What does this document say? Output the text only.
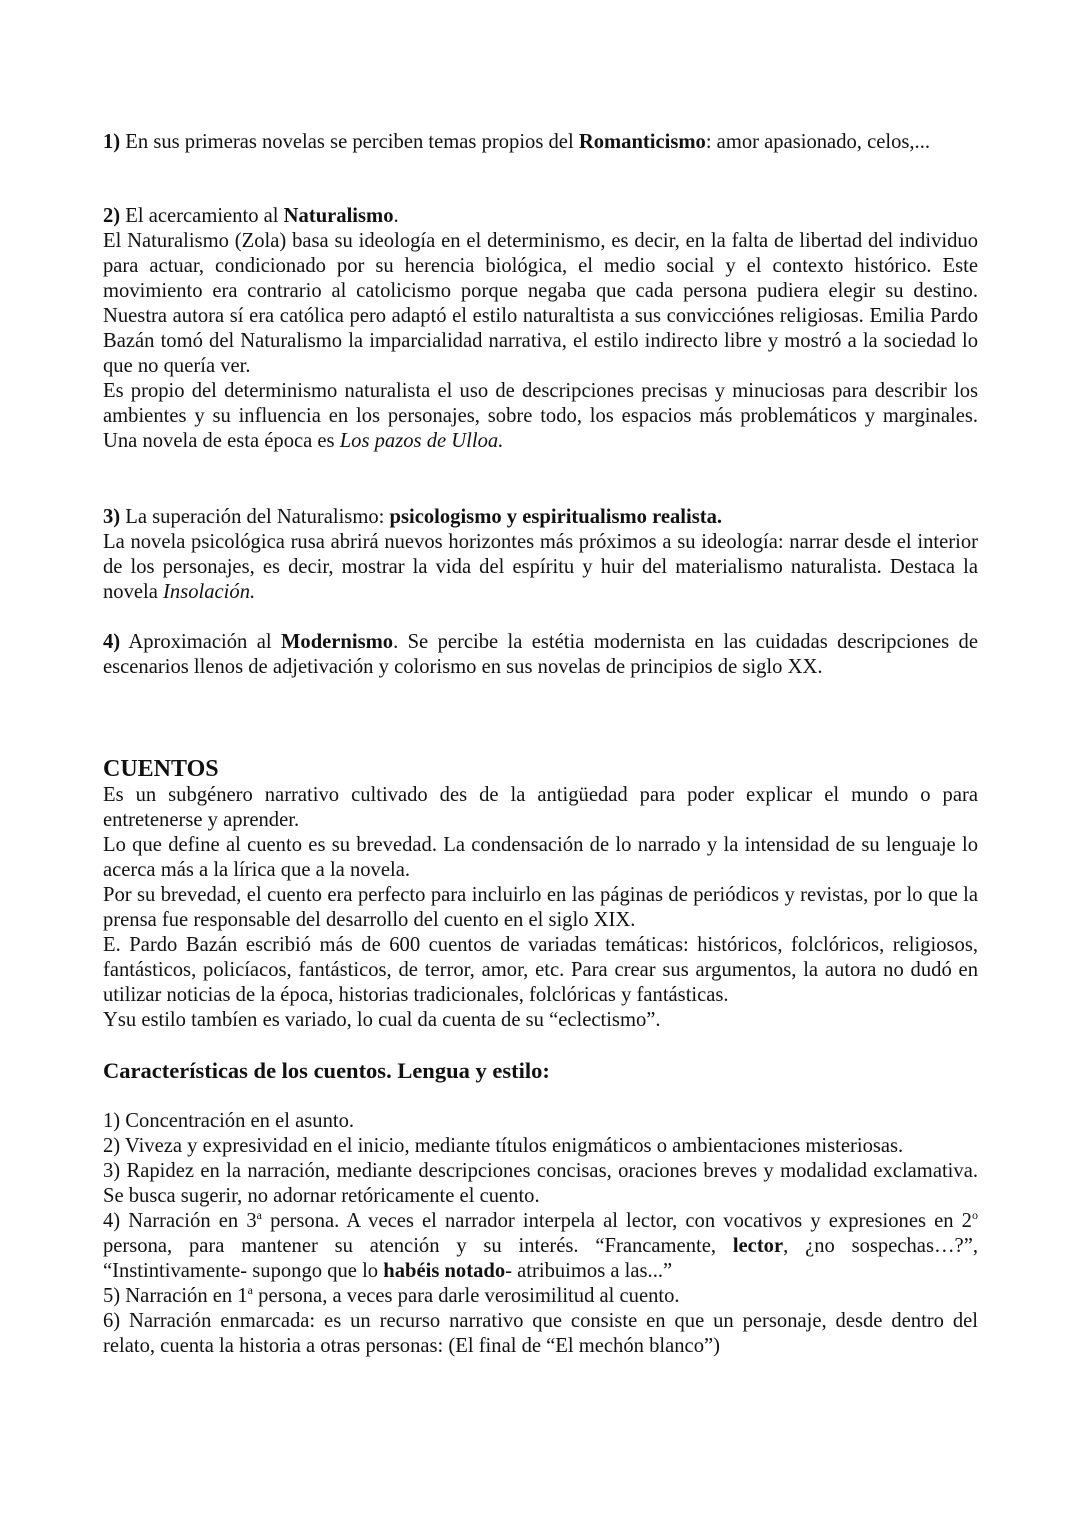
1) En sus primeras novelas se perciben temas propios del Romanticismo: amor apasionado, celos,...

2) El acercamiento al Naturalismo.

El Naturalismo (Zola) basa su ideología en el determinismo, es decir, en la falta de libertad del individuo para actuar, condicionado por su herencia biológica, el medio social y el contexto histórico. Este movimiento era contrario al catolicismo porque negaba que cada persona pudiera elegir su destino. Nuestra autora sí era católica pero adaptó el estilo naturaltista a sus convicciónes religiosas. Emilia Pardo Bazán tomó del Naturalismo la imparcialidad narrativa, el estilo indirecto libre y mostró a la sociedad lo que no quería ver.

Es propio del determinismo naturalista el uso de descripciones precisas y minuciosas para describir los ambientes y su influencia en los personajes, sobre todo, los espacios más problemáticos y marginales. Una novela de esta época es Los pazos de Ulloa.

3) La superación del Naturalismo: psicologismo y espiritualismo realista.

La novela psicológica rusa abrirá nuevos horizontes más próximos a su ideología: narrar desde el interior de los personajes, es decir, mostrar la vida del espíritu y huir del materialismo naturalista. Destaca la novela Insolación.

4) Aproximación al Modernismo. Se percibe la estétia modernista en las cuidadas descripciones de escenarios llenos de adjetivación y colorismo en sus novelas de principios de siglo XX.

CUENTOS

Es un subgénero narrativo cultivado des de la antigüedad para poder explicar el mundo o para entretenerse y aprender.

Lo que define al cuento es su brevedad. La condensación de lo narrado y la intensidad de su lenguaje lo acerca más a la lírica que a la novela.

Por su brevedad, el cuento era perfecto para incluirlo en las páginas de periódicos y revistas, por lo que la prensa fue responsable del desarrollo del cuento en el siglo XIX.

E. Pardo Bazán escribió más de 600 cuentos de variadas temáticas: históricos, folclóricos, religiosos, fantásticos, policíacos, fantásticos, de terror, amor, etc. Para crear sus argumentos, la autora no dudó en utilizar noticias de la época, historias tradicionales, folclóricas y fantásticas.

Ysu estilo tambíen es variado, lo cual da cuenta de su “eclectismo”.

Características de los cuentos. Lengua y estilo:

1) Concentración en el asunto.

2) Viveza y expresividad en el inicio, mediante títulos enigmáticos o ambientaciones misteriosas.

3) Rapidez en la narración, mediante descripciones concisas, oraciones breves y modalidad exclamativa. Se busca sugerir, no adornar retóricamente el cuento.

4) Narración en 3$^a$ persona. A veces el narrador interpela al lector, con vocativos y expresiones en 2$^o$ persona, para mantener su atención y su interés. “Francamente, lector, ¿no sospechas…?”, “Instintivamente- supongo que lo habéis notado- atribuimos a las...”

5) Narración en 1$^a$ persona, a veces para darle verosimilitud al cuento.

6) Narración enmarcada: es un recurso narrativo que consiste en que un personaje, desde dentro del relato, cuenta la historia a otras personas: (El final de “El mechón blanco”)
